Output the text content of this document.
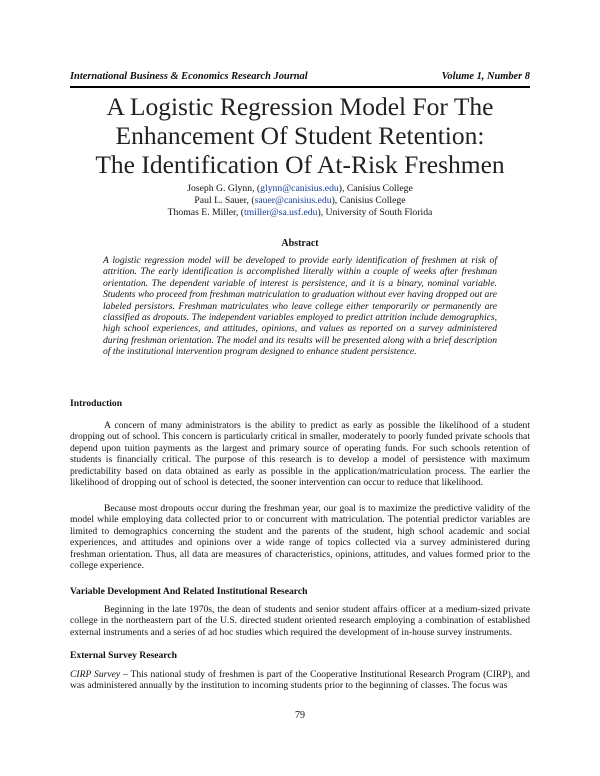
International Business & Economics Research Journal	Volume 1, Number 8
A Logistic Regression Model For The
Enhancement Of Student Retention:
The Identification Of At-Risk Freshmen
Joseph G. Glynn, (glynn@canisius.edu), Canisius College
Paul L. Sauer, (sauer@canisius.edu), Canisius College
Thomas E. Miller, (tmiller@sa.usf.edu), University of South Florida
Abstract
A logistic regression model will be developed to provide early identification of freshmen at risk of attrition. The early identification is accomplished literally within a couple of weeks after freshman orientation. The dependent variable of interest is persistence, and it is a binary, nominal variable. Students who proceed from freshman matriculation to graduation without ever having dropped out are labeled persistors. Freshman matriculates who leave college either temporarily or permanently are classified as dropouts. The independent variables employed to predict attrition include demographics, high school experiences, and attitudes, opinions, and values as reported on a survey administered during freshman orientation. The model and its results will be presented along with a brief description of the institutional intervention program designed to enhance student persistence.
Introduction
A concern of many administrators is the ability to predict as early as possible the likelihood of a student dropping out of school. This concern is particularly critical in smaller, moderately to poorly funded private schools that depend upon tuition payments as the largest and primary source of operating funds. For such schools retention of students is financially critical. The purpose of this research is to develop a model of persistence with maximum predictability based on data obtained as early as possible in the application/matriculation process. The earlier the likelihood of dropping out of school is detected, the sooner intervention can occur to reduce that likelihood.
Because most dropouts occur during the freshman year, our goal is to maximize the predictive validity of the model while employing data collected prior to or concurrent with matriculation. The potential predictor variables are limited to demographics concerning the student and the parents of the student, high school academic and social experiences, and attitudes and opinions over a wide range of topics collected via a survey administered during freshman orientation. Thus, all data are measures of characteristics, opinions, attitudes, and values formed prior to the college experience.
Variable Development And Related Institutional Research
Beginning in the late 1970s, the dean of students and senior student affairs officer at a medium-sized private college in the northeastern part of the U.S. directed student oriented research employing a combination of established external instruments and a series of ad hoc studies which required the development of in-house survey instruments.
External Survey Research
CIRP Survey – This national study of freshmen is part of the Cooperative Institutional Research Program (CIRP), and was administered annually by the institution to incoming students prior to the beginning of classes. The focus was
79
